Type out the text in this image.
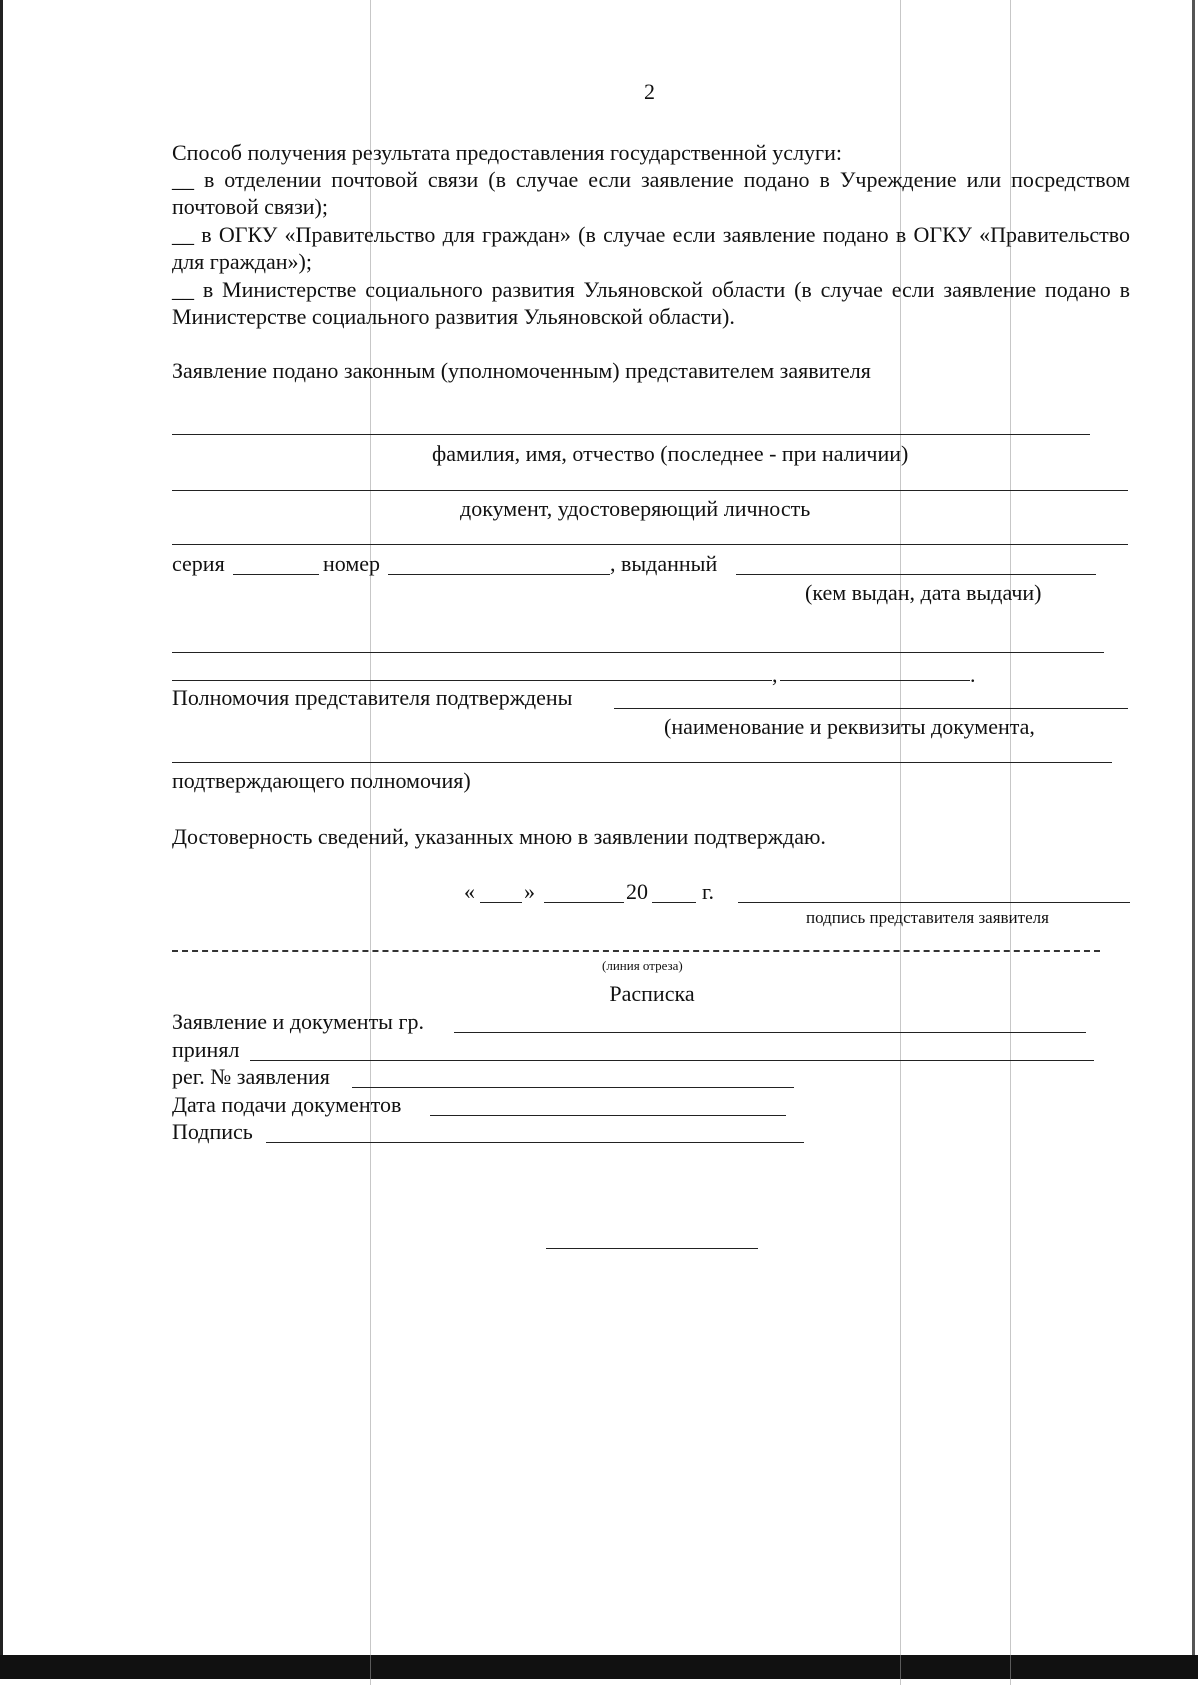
2
Способ получения результата предоставления государственной услуги:
__ в отделении почтовой связи (в случае если заявление подано в Учреждение или посредством почтовой связи);
__ в ОГКУ «Правительство для граждан» (в случае если заявление подано в ОГКУ «Правительство для граждан»);
__ в Министерстве социального развития Ульяновской области (в случае если заявление подано в Министерстве социального развития Ульяновской области).
Заявление подано законным (уполномоченным) представителем заявителя
фамилия, имя, отчество (последнее - при наличии)
документ, удостоверяющий личность
серия	номер	, выданный
(кем выдан, дата выдачи)
,	.
Полномочия представителя подтверждены
(наименование и реквизиты документа,
подтверждающего полномочия)
Достоверность сведений, указанных мною в заявлении подтверждаю.
« »	20 г.
подпись представителя заявителя
(линия отреза)
Расписка
Заявление и документы гр.
принял
рег. № заявления
Дата подачи документов
Подпись
